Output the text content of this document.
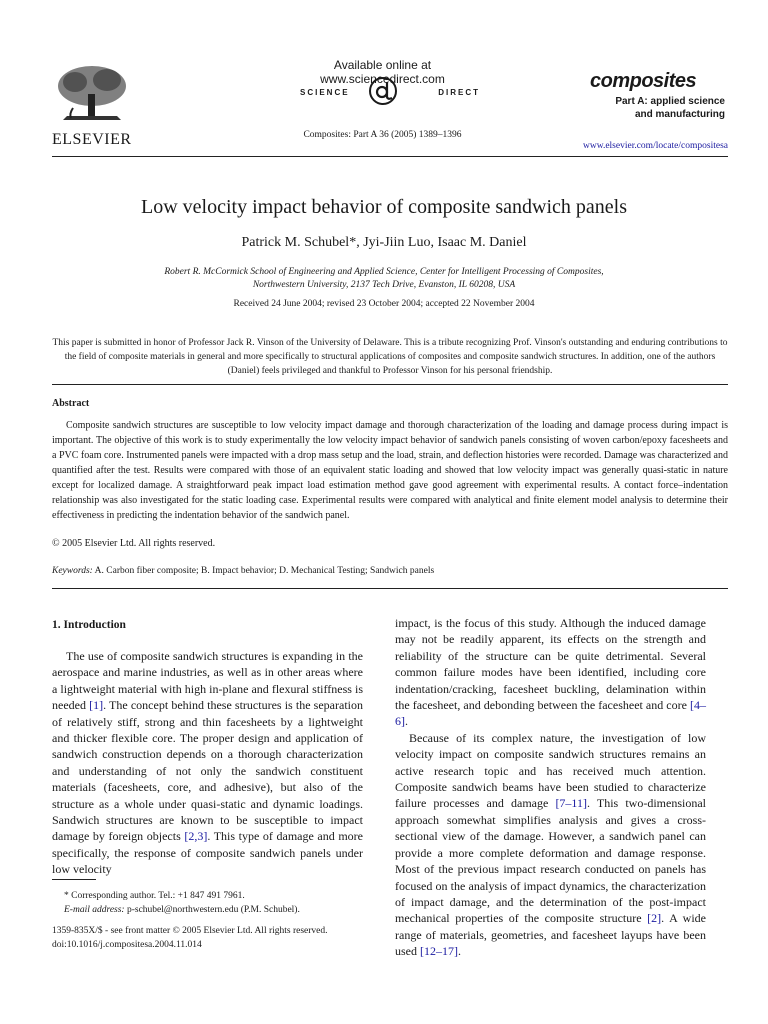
ELSEVIER
Available online at www.sciencedirect.com
SCIENCE	DIRECT
Composites: Part A 36 (2005) 1389–1396
composites
Part A: applied science
and manufacturing
www.elsevier.com/locate/compositesa
Low velocity impact behavior of composite sandwich panels
Patrick M. Schubel*, Jyi-Jiin Luo, Isaac M. Daniel
Robert R. McCormick School of Engineering and Applied Science, Center for Intelligent Processing of Composites,
Northwestern University, 2137 Tech Drive, Evanston, IL 60208, USA
Received 24 June 2004; revised 23 October 2004; accepted 22 November 2004
This paper is submitted in honor of Professor Jack R. Vinson of the University of Delaware. This is a tribute recognizing Prof. Vinson's outstanding and enduring contributions to the field of composite materials in general and more specifically to structural applications of composites and composite sandwich structures. In addition, one of the authors (Daniel) feels privileged and thankful to Professor Vinson for his personal friendship.
Abstract
Composite sandwich structures are susceptible to low velocity impact damage and thorough characterization of the loading and damage process during impact is important. The objective of this work is to study experimentally the low velocity impact behavior of sandwich panels consisting of woven carbon/epoxy facesheets and a PVC foam core. Instrumented panels were impacted with a drop mass setup and the load, strain, and deflection histories were recorded. Damage was characterized and quantified after the test. Results were compared with those of an equivalent static loading and showed that low velocity impact was generally quasi-static in nature except for localized damage. A straightforward peak impact load estimation method gave good agreement with experimental results. A contact force–indentation relationship was also investigated for the static loading case. Experimental results were compared with analytical and finite element model analysis to determine their effectiveness in predicting the indentation behavior of the sandwich panel.
© 2005 Elsevier Ltd. All rights reserved.
Keywords: A. Carbon fiber composite; B. Impact behavior; D. Mechanical Testing; Sandwich panels
1. Introduction

The use of composite sandwich structures is expanding in the aerospace and marine industries, as well as in other areas where a lightweight material with high in-plane and flexural stiffness is needed [1]. The concept behind these structures is the separation of relatively stiff, strong and thin facesheets by a lightweight and thicker flexible core. The proper design and application of sandwich construction depends on a thorough characterization and understanding of not only the sandwich constituent materials (facesheets, core, and adhesive), but also of the structure as a whole under quasi-static and dynamic loadings. Sandwich structures are known to be susceptible to impact damage by foreign objects [2,3]. This type of damage and more specifically, the response of composite sandwich panels under low velocity

* Corresponding author. Tel.: +1 847 491 7961.
E-mail address: p-schubel@northwestern.edu (P.M. Schubel).
1359-835X/$ - see front matter © 2005 Elsevier Ltd. All rights reserved.
doi:10.1016/j.compositesa.2004.11.014

impact, is the focus of this study. Although the induced damage may not be readily apparent, its effects on the strength and reliability of the structure can be quite detrimental. Several common failure modes have been identified, including core indentation/cracking, facesheet buckling, delamination within the facesheet, and debonding between the facesheet and core [4–6].

Because of its complex nature, the investigation of low velocity impact on composite sandwich structures remains an active research topic and has received much attention. Composite sandwich beams have been studied to characterize failure processes and damage [7–11]. This two-dimensional approach somewhat simplifies analysis and gives a cross-sectional view of the damage. However, a sandwich panel can provide a more complete deformation and damage response. Most of the previous impact research conducted on panels has focused on the analysis of impact dynamics, the characterization of impact damage, and the determination of the post-impact mechanical properties of the composite structure [2]. A wide range of materials, geometries, and facesheet layups have been used [12–17].
